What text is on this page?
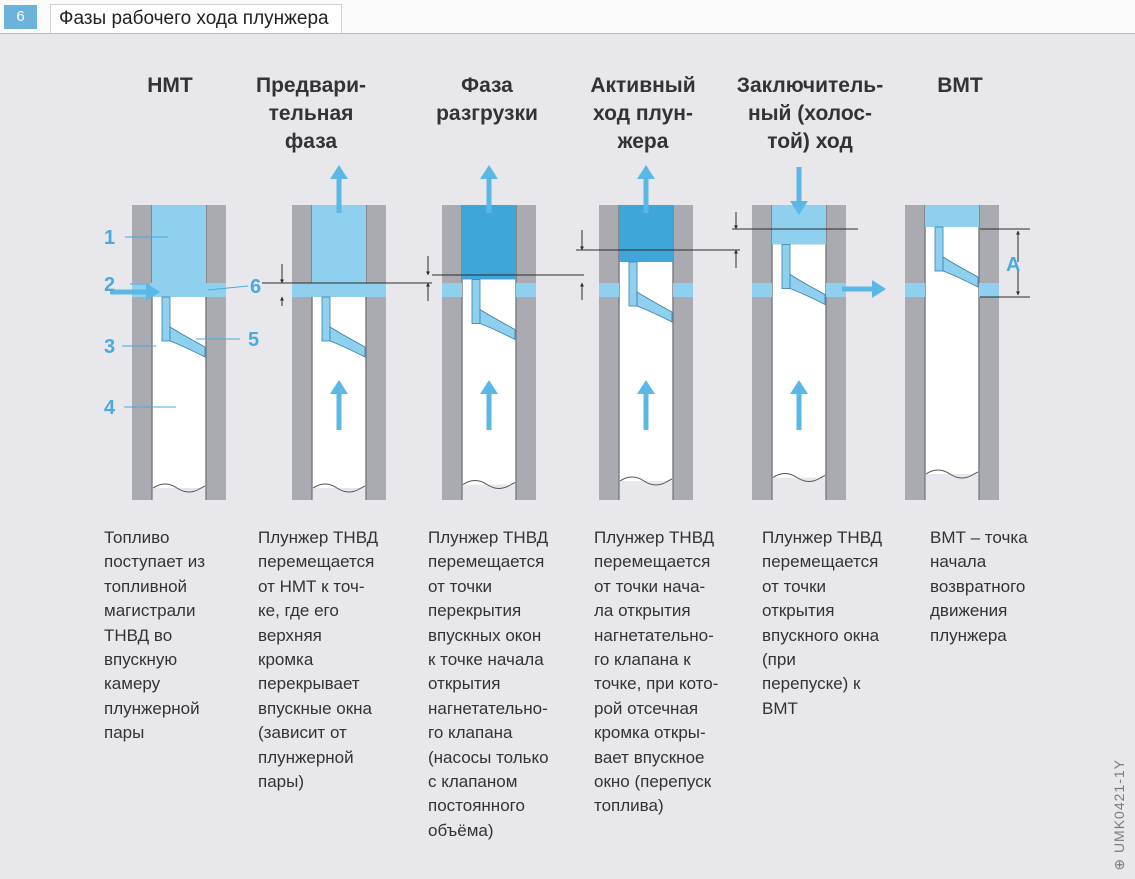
6	Фазы рабочего хода плунжера
НМТ	Предвари-
тельная
фаза
Фаза
разгрузки
Активный
ход плун-
жера
Заключитель-
ный (холос-
той) ход
ВМТ
1
2
3
4
5
6
A
Топливо
поступает из
топливной
магистрали
ТНВД во
впускную
камеру
плунжерной
пары
Плунжер ТНВД
перемещается
от НМТ к точ-
ке, где его
верхняя
кромка
перекрывает
впускные окна
(зависит от
плунжерной
пары)
Плунжер ТНВД
перемещается
от точки
перекрытия
впускных окон
к точке начала
открытия
нагнетательно-
го клапана
(насосы только
с клапаном
постоянного
объёма)
Плунжер ТНВД
перемещается
от точки нача-
ла открытия
нагнетательно-
го клапана к
точке, при кото-
рой отсечная
кромка откры-
вает впускное
окно (перепуск
топлива)
Плунжер ТНВД
перемещается
от точки
открытия
впускного окна
(при
перепуске) к
ВМТ
ВМТ – точка
начала
возвратного
движения
плунжера
⊕ UMK0421-1Y
